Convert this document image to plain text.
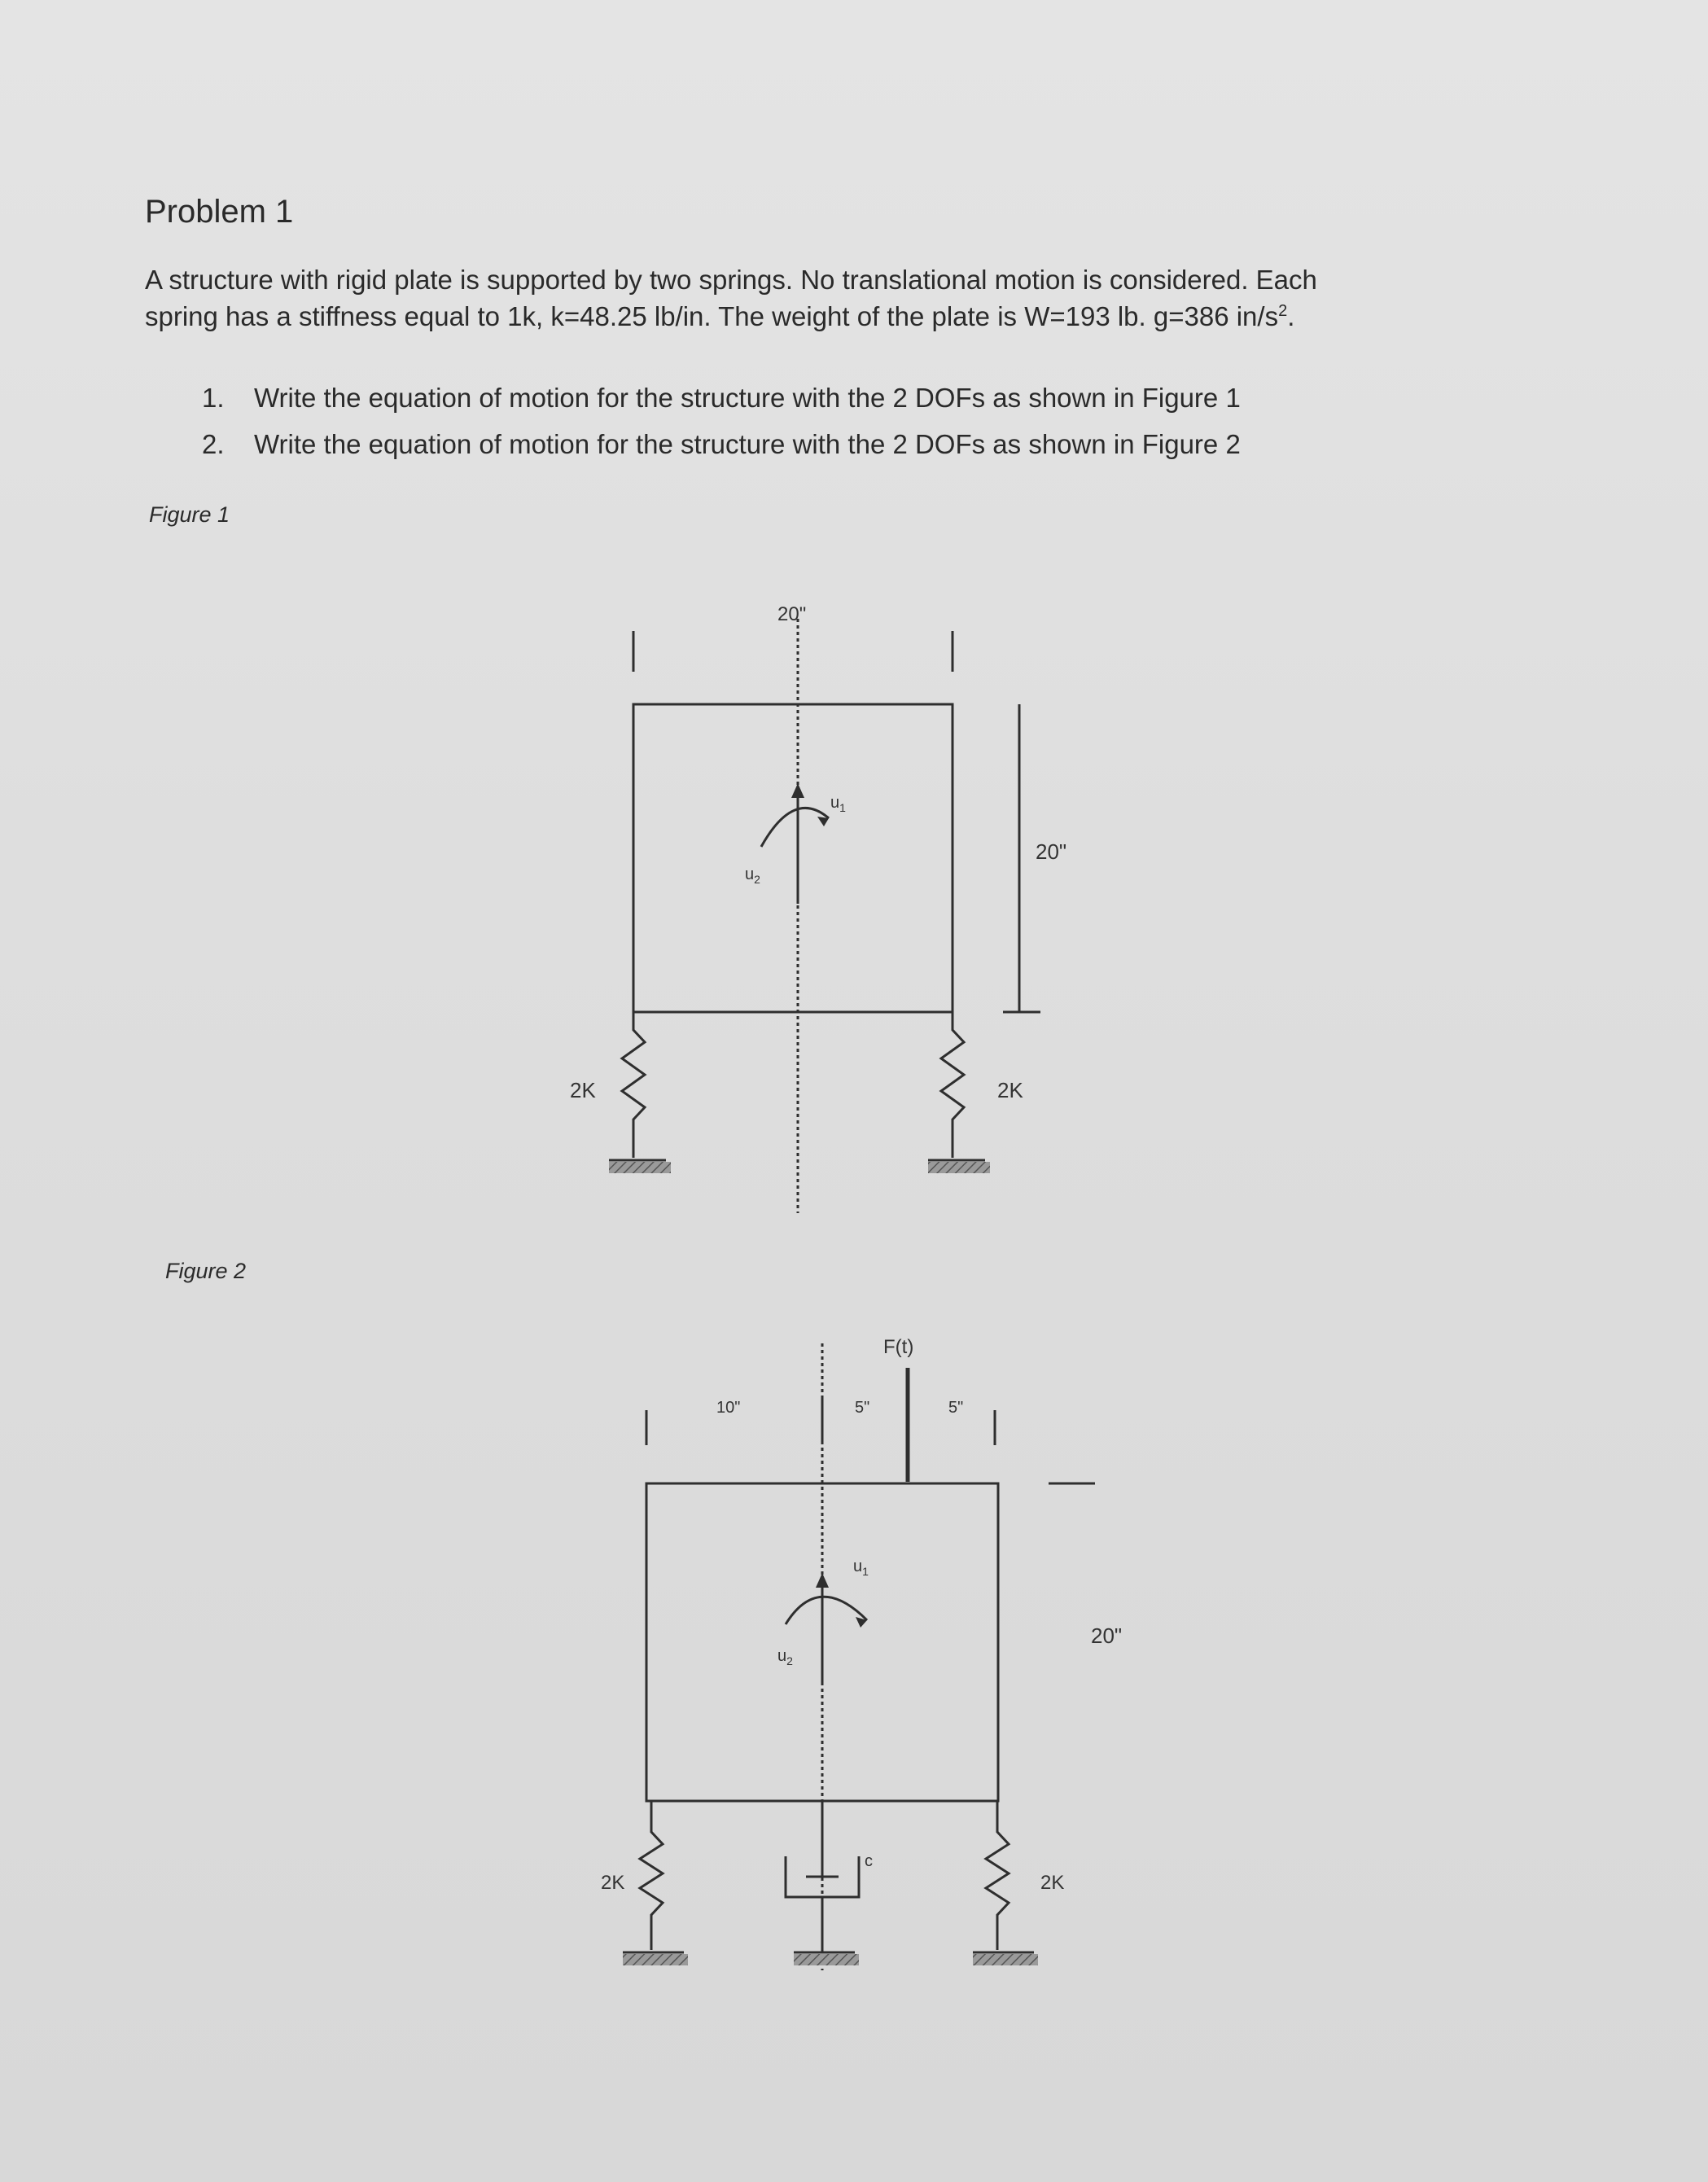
Problem 1
A structure with rigid plate is supported by two springs. No translational motion is considered. Each
spring has a stiffness equal to 1k, k=48.25 lb/in. The weight of the plate is W=193 lb. g=386 $in/s^2$.
1. Write the equation of motion for the structure with the 2 DOFs as shown in Figure 1
2. Write the equation of motion for the structure with the 2 DOFs as shown in Figure 2
Figure 1
Figure 2
20"
20"
$u_1$
$u_2$
2K	2K
10"	5"	5"
F(t)
20"
$u_1$
$u_2$
2K	2K
c
